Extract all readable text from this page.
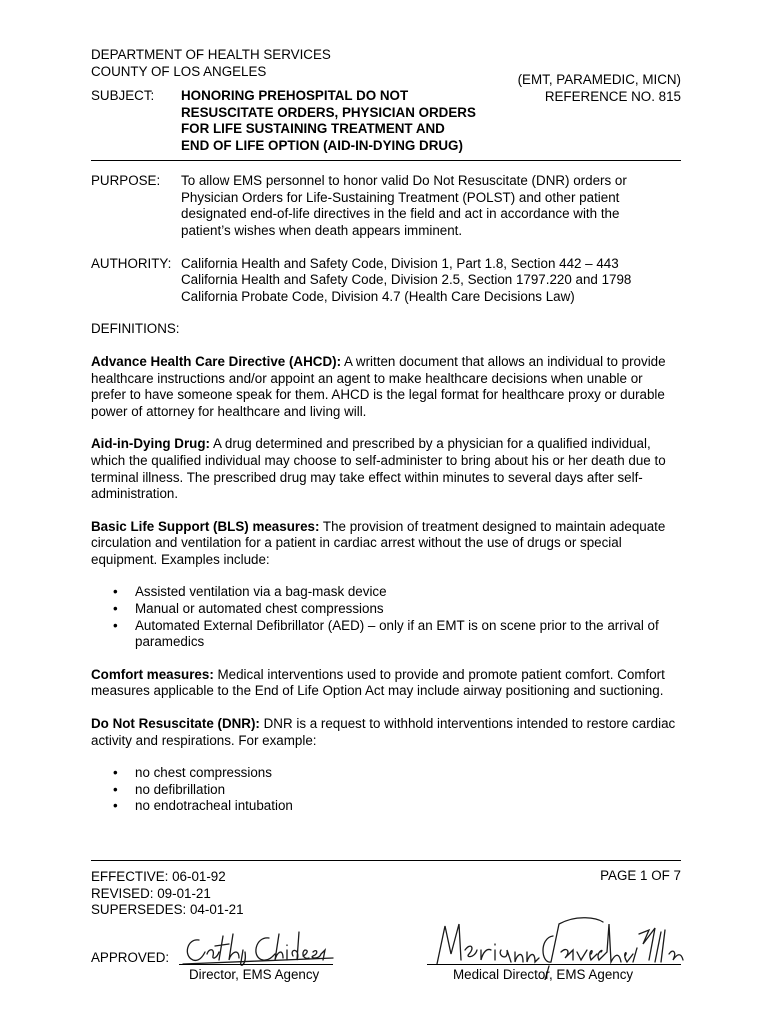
DEPARTMENT OF HEALTH SERVICES
COUNTY OF LOS ANGELES
(EMT, PARAMEDIC, MICN)
REFERENCE NO. 815
SUBJECT: HONORING PREHOSPITAL DO NOT
RESUSCITATE ORDERS, PHYSICIAN ORDERS
FOR LIFE SUSTAINING TREATMENT AND
END OF LIFE OPTION (AID-IN-DYING DRUG)
PURPOSE:	To allow EMS personnel to honor valid Do Not Resuscitate (DNR) orders or
Physician Orders for Life-Sustaining Treatment (POLST) and other patient
designated end-of-life directives in the field and act in accordance with the
patient’s wishes when death appears imminent.
AUTHORITY: California Health and Safety Code, Division 1, Part 1.8, Section 442 – 443
California Health and Safety Code, Division 2.5, Section 1797.220 and 1798
California Probate Code, Division 4.7 (Health Care Decisions Law)
DEFINITIONS:

Advance Health Care Directive (AHCD): A written document that allows an individual to provide healthcare instructions and/or appoint an agent to make healthcare decisions when unable or prefer to have someone speak for them. AHCD is the legal format for healthcare proxy or durable power of attorney for healthcare and living will.

Aid-in-Dying Drug: A drug determined and prescribed by a physician for a qualified individual, which the qualified individual may choose to self-administer to bring about his or her death due to terminal illness. The prescribed drug may take effect within minutes to several days after self-administration.

Basic Life Support (BLS) measures: The provision of treatment designed to maintain adequate circulation and ventilation for a patient in cardiac arrest without the use of drugs or special equipment. Examples include:

• Assisted ventilation via a bag-mask device
• Manual or automated chest compressions
• Automated External Defibrillator (AED) – only if an EMT is on scene prior to the arrival of paramedics

Comfort measures: Medical interventions used to provide and promote patient comfort. Comfort measures applicable to the End of Life Option Act may include airway positioning and suctioning.

Do Not Resuscitate (DNR): DNR is a request to withhold interventions intended to restore cardiac activity and respirations. For example:

• no chest compressions
• no defibrillation
• no endotracheal intubation
EFFECTIVE: 06-01-92
REVISED: 09-01-21
SUPERSEDES: 04-01-21
PAGE 1 OF 7
APPROVED:
Director, EMS Agency	Medical Director, EMS Agency
